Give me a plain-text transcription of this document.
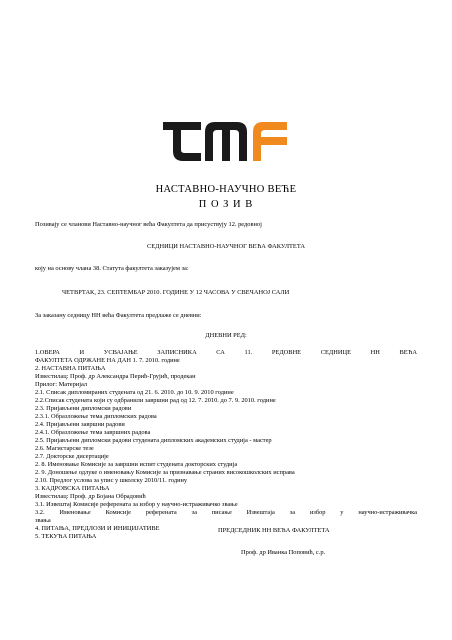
НАСТАВНО-НАУЧНО ВЕЋЕ
П О З И В
Позивају се чланови Наставно-научног већа Факултета да присуствују 12. редовној
СЕДНИЦИ НАСТАВНО-НАУЧНОГ ВЕЋА ФАКУЛТЕТА
коју на основу члана 38. Статута факултета заказујем за:
ЧЕТВРТАК, 23. СЕПТЕМБАР 2010. ГОДИНЕ У 12 ЧАСОВА У СВЕЧАНОЈ САЛИ
За заказану седницу НН већа Факултета предлаже се дневни:
ДНЕВНИ РЕД:
1.ОВЕРА И УСВАЈАЊЕ ЗАПИСНИКА СА 11. РЕДОВНЕ СЕДНИЦЕ НН ВЕЋА
ФАКУЛТЕТА ОДРЖАНЕ НА ДАН 1. 7. 2010. године
2. НАСТАВНА ПИТАЊА
Известилац: Проф. др Александра Перић-Грујић, продекан
Прилог: Материјал
2.1. Списак дипломираних студената од 21. 6. 2010. до 10. 9. 2010 године
2.2.Списак студената који су одбранили завршни рад од 12. 7. 2010. до 7. 9. 2010. године
2.3. Пријављени дипломски радови
2.3.1. Образложење тема дипломских радова
2.4. Пријављени завршни радови
2.4.1. Образложење тема завршних радова
2.5. Пријављени дипломски радови студената дипломских академских студија - мастер
2.6. Магистарске тезе
2.7. Докторске дисертације
2. 8. Именовање Комисије за завршни испит студената докторских студија
2. 9. Доношење одлуке о именовању Комисије за признавање страних високошколских исправа
2.10. Предлог услова за упис у школску 2010/11. годину
3. КАДРОВСКА ПИТАЊА
Известилац: Проф. др Бојана Обрадовић
3.1. Извештај Комисије референата за избор у научно-истраживачко звање
3.2. Именовање Комисије референата за писање Извештаја за избор у научно-истраживачка
звања
4. ПИТАЊА, ПРЕДЛОЗИ И ИНИЦИЈАТИВЕ
5. ТЕКУЋА ПИТАЊА
ПРЕДСЕДНИК НН ВЕЋА ФАКУЛТЕТА
Проф. др Иванка Поповић, с.р.
